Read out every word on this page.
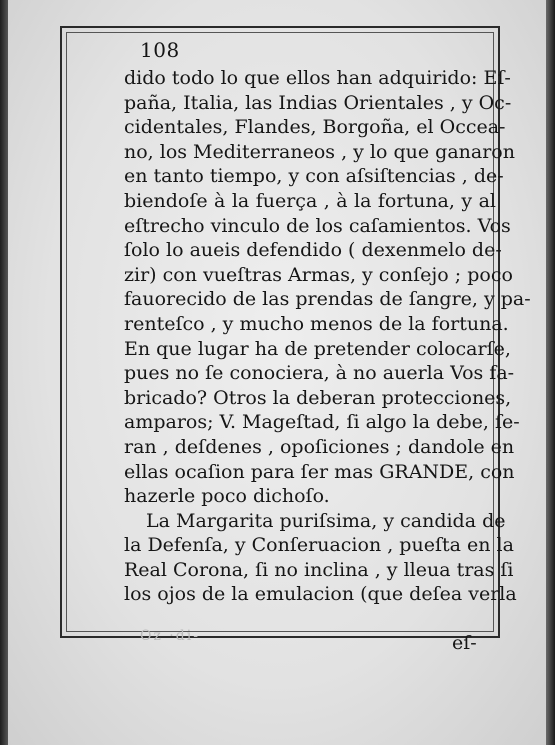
108
dido todo lo que ellos han adquirido: Eſ-
paña, Italia, las Indias Orientales , y Oc-
cidentales, Flandes, Borgoña, el Occea-
no, los Mediterraneos , y lo que ganaron
en tanto tiempo, y con aſsiſtencias , de-
biendoſe à la fuerça , à la fortuna, y al
eſtrecho vinculo de los caſamientos. Vos
ſolo lo aueis defendido ( dexenmelo de-
zir) con vueſtras Armas, y conſejo ; poco
fauorecido de las prendas de ſangre, y pa-
renteſco , y mucho menos de la fortuna.
En que lugar ha de pretender colocarſe,
pues no ſe conociera, à no auerla Vos fa-
bricado? Otros la deberan protecciones,
amparos; V. Mageſtad, ſi algo la debe, ſe-
ran , deſdenes , opoſiciones ; dandole en
ellas ocaſion para ſer mas GRANDE, con
hazerle poco dichoſo.
La Margarita puriſsima, y candida de
la Defenſa, y Conſeruacion , pueſta en la
Real Corona, ſi no inclina , y lleua tras ſi
los ojos de la emulacion (que deſea verla
Oz ·di-	eſ-
